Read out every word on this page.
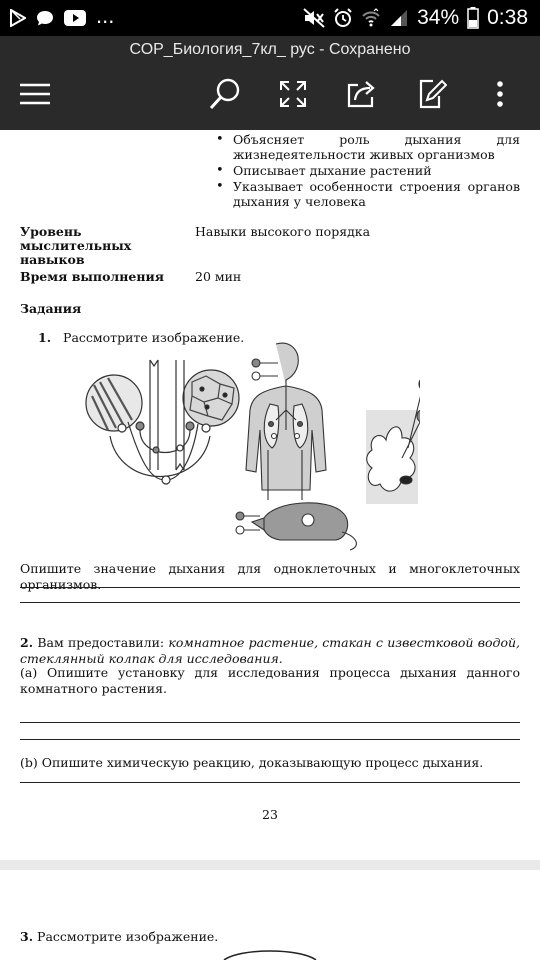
...	34% 0:38
СОР_Биология_7кл_ рус - Сохранено
• Объясняет роль дыхания для жизнедеятельности живых организмов
• Описывает дыхание растений
• Указывает особенности строения органов дыхания у человека
Уровень мыслительных навыков
Навыки высокого порядка
Время выполнения	20 мин
Задания
1. Рассмотрите изображение.
Опишите значение дыхания для одноклеточных и многоклеточных организмов.
2. Вам предоставили: комнатное растение, стакан с известковой водой, стеклянный колпак для исследования.
(a) Опишите установку для исследования процесса дыхания данного комнатного растения.
(b) Опишите химическую реакцию, доказывающую процесс дыхания.
23
3. Рассмотрите изображение.
